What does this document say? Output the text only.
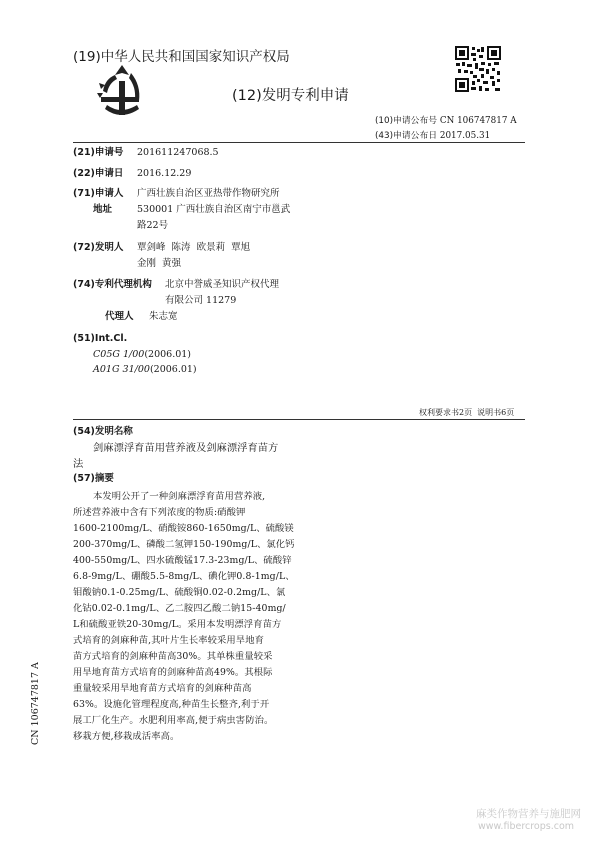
(19)中华人民共和国国家知识产权局
(12)发明专利申请
(10)申请公布号 CN 106747817 A
(43)申请公布日 2017.05.31
(21)申请号 201611247068.5
(22)申请日 2016.12.29
(71)申请人 广西壮族自治区亚热带作物研究所
地址	530001 广西壮族自治区南宁市邕武
路22号
(72)发明人 覃剑峰  陈涛  欧景莉  覃旭
金刚  黄强
(74)专利代理机构 北京中誉威圣知识产权代理
有限公司 11279
代理人 朱志宽
(51)Int.Cl.
C05G 1/00(2006.01)
A01G 31/00(2006.01)
权利要求书2页  说明书6页
(54)发明名称
剑麻漂浮育苗用营养液及剑麻漂浮育苗方
法
(57)摘要
本发明公开了一种剑麻漂浮育苗用营养液,
所述营养液中含有下列浓度的物质:硝酸钾
1600-2100mg/L、硝酸铵860-1650mg/L、硫酸镁
200-370mg/L、磷酸二氢钾150-190mg/L、氯化钙
400-550mg/L、四水硫酸锰17.3-23mg/L、硫酸锌
6.8-9mg/L、硼酸5.5-8mg/L、碘化钾0.8-1mg/L、
钼酸钠0.1-0.25mg/L、硫酸铜0.02-0.2mg/L、氯
化钴0.02-0.1mg/L、乙二胺四乙酸二钠15-40mg/
L和硫酸亚铁20-30mg/L。采用本发明漂浮育苗方
式培育的剑麻种苗,其叶片生长率较采用旱地育
苗方式培育的剑麻种苗高30%。其单株重量较采
用旱地育苗方式培育的剑麻种苗高49%。其根际
重量较采用旱地育苗方式培育的剑麻种苗高
63%。设施化管理程度高,种苗生长整齐,利于开
展工厂化生产。水肥利用率高,便于病虫害防治。
移栽方便,移栽成活率高。
CN 106747817 A
麻类作物营养与施肥网
www.fibercrops.com
